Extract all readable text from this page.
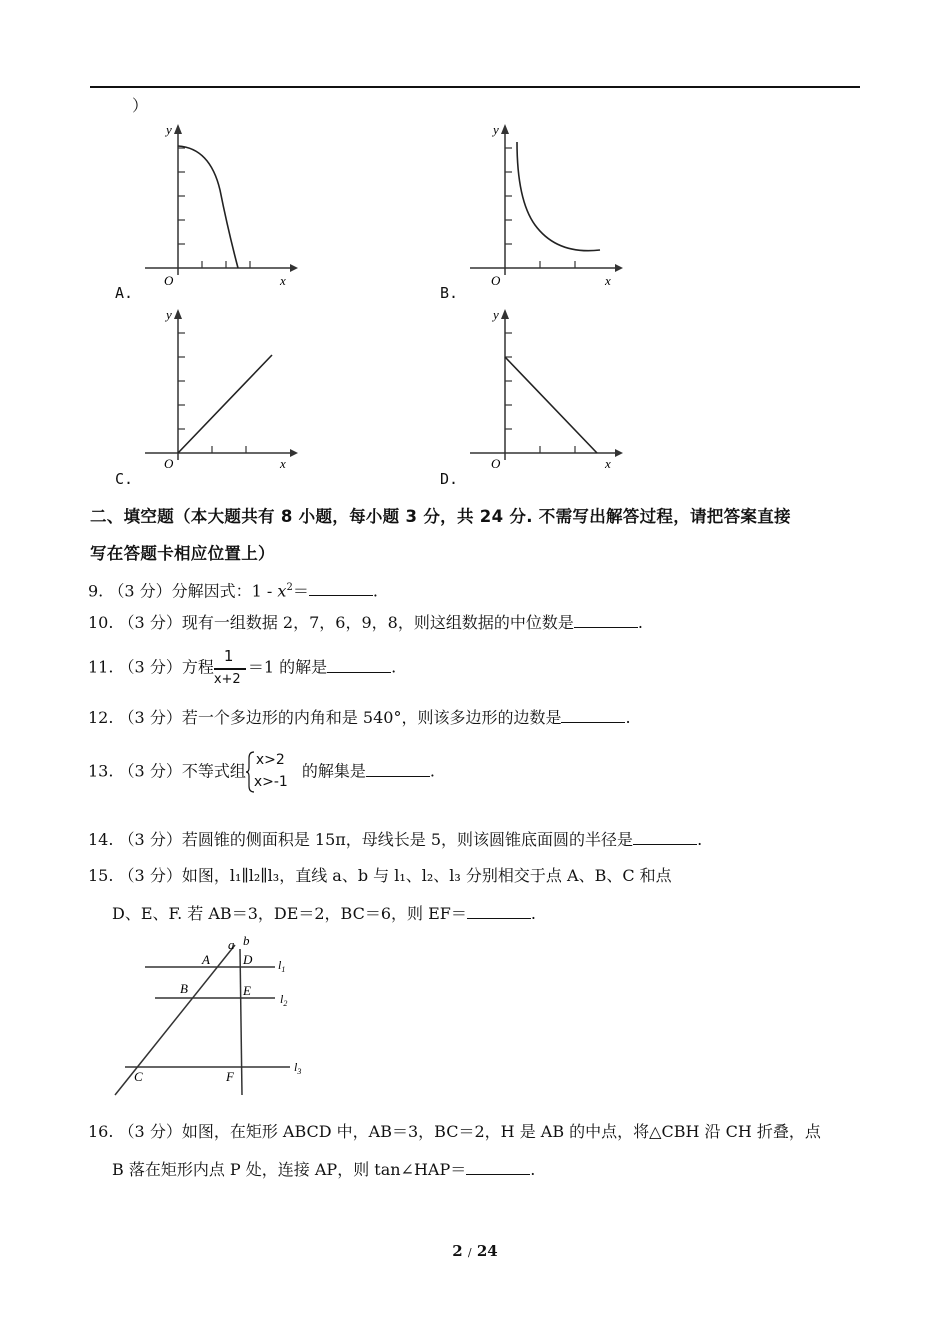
）
y
O	x
A.
y
O	x
B.
y
O	x
C.
y
O	x
D.
二、填空题（本大题共有 8 小题，每小题 3 分，共 24 分. 不需写出解答过程，请把答案直接
写在答题卡相应位置上）
9. （3 分）分解因式：$1 - x^2=$	.
10. （3 分）现有一组数据 2，7，6，9，8，则这组数据的中位数是	.
11. （3 分）方程 $\frac{1}{x+2} =1$ 的解是	.
12. （3 分）若一个多边形的内角和是 540°，则该多边形的边数是	.
13. （3 分）不等式组
x>2
x>-1
的解集是	.
14. （3 分）若圆锥的侧面积是 15π，母线长是 5，则该圆锥底面圆的半径是	.
15. （3 分）如图，l₁∥l₂∥l₃，直线 a、b 与 l₁、l₂、l₃ 分别相交于点 A、B、C 和点
D、E、F. 若 AB＝3，DE＝2，BC＝6，则 EF＝	.
a b
A	D
B	E
C	F
$l_1$
$l_2$
$l_3$
16. （3 分）如图，在矩形 ABCD 中，AB＝3，BC＝2，H 是 AB 的中点，将△CBH 沿 CH 折叠，点
B 落在矩形内点 P 处，连接 AP，则 tan∠HAP＝	.
2 / 24
